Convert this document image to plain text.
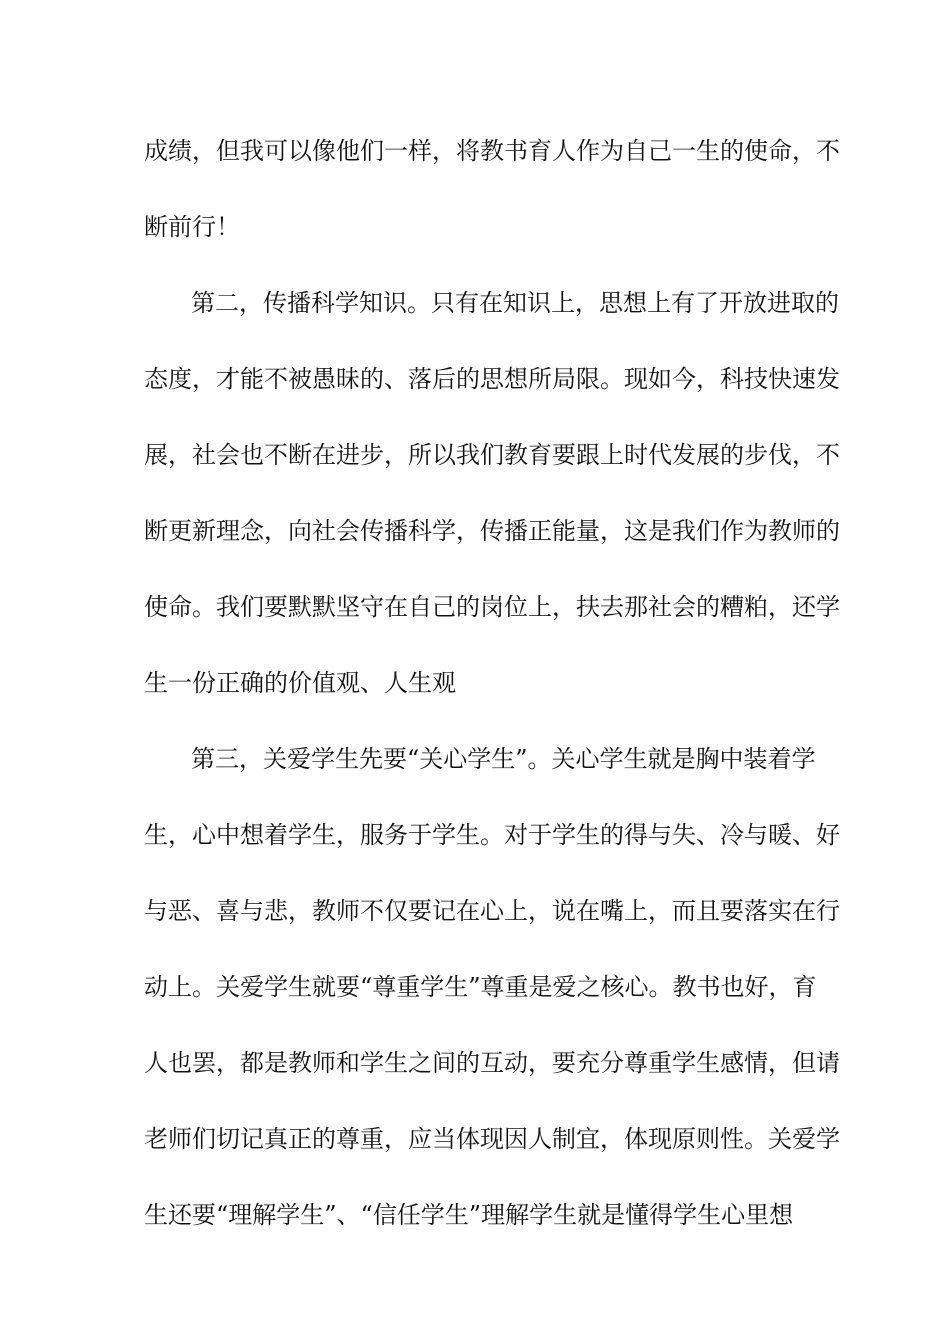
成绩，但我可以像他们一样，将教书育人作为自己一生的使命，不
断前行！
第二，传播科学知识。只有在知识上，思想上有了开放进取的
态度，才能不被愚昧的、落后的思想所局限。现如今，科技快速发
展，社会也不断在进步，所以我们教育要跟上时代发展的步伐，不
断更新理念，向社会传播科学，传播正能量，这是我们作为教师的
使命。我们要默默坚守在自己的岗位上，扶去那社会的糟粕，还学
生一份正确的价值观、人生观
第三，关爱学生先要“关心学生”。关心学生就是胸中装着学
生，心中想着学生，服务于学生。对于学生的得与失、冷与暖、好
与恶、喜与悲，教师不仅要记在心上，说在嘴上，而且要落实在行
动上。关爱学生就要“尊重学生”尊重是爱之核心。教书也好，育
人也罢，都是教师和学生之间的互动，要充分尊重学生感情，但请
老师们切记真正的尊重，应当体现因人制宜，体现原则性。关爱学
生还要“理解学生”、“信任学生”理解学生就是懂得学生心里想
